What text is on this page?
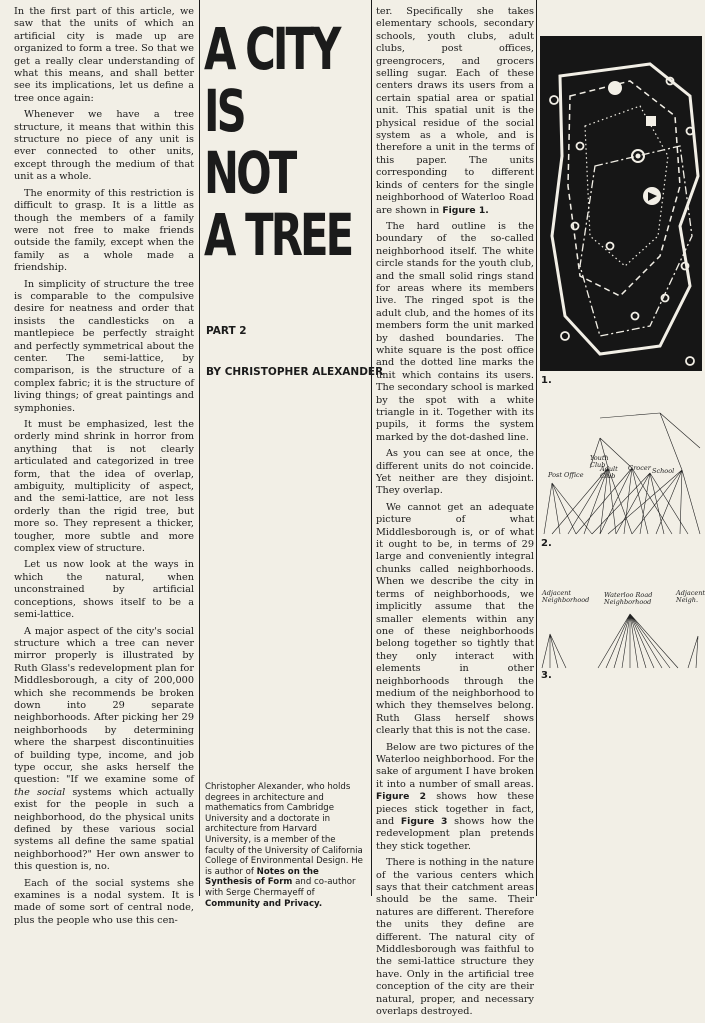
In the first part of this article, we saw that the units of which an artificial city is made up are organized to form a tree. So that we get a really clear understanding of what this means, and shall better see its implications, let us define a tree once again:

Whenever we have a tree structure, it means that within this structure no piece of any unit is ever connected to other units, except through the medium of that unit as a whole.

The enormity of this restriction is difficult to grasp. It is a little as though the members of a family were not free to make friends outside the family, except when the family as a whole made a friendship.

In simplicity of structure the tree is comparable to the compulsive desire for neatness and order that insists the candlesticks on a mantlepiece be perfectly straight and perfectly symmetrical about the center. The semi-lattice, by comparison, is the structure of a complex fabric; it is the structure of living things; of great paintings and symphonies.

It must be emphasized, lest the orderly mind shrink in horror from anything that is not clearly articulated and categorized in tree form, that the idea of overlap, ambiguity, multiplicity of aspect, and the semi-lattice, are not less orderly than the rigid tree, but more so. They represent a thicker, tougher, more subtle and more complex view of structure.

Let us now look at the ways in which the natural, when unconstrained by artificial conceptions, shows itself to be a semi-lattice.

A major aspect of the city's social structure which a tree can never mirror properly is illustrated by Ruth Glass's redevelopment plan for Middlesborough, a city of 200,000 which she recommends be broken down into 29 separate neighborhoods. After picking her 29 neighborhoods by determining where the sharpest discontinuities of building type, income, and job type occur, she asks herself the question: "If we examine some of the social systems which actually exist for the people in such a neighborhood, do the physical units defined by these various social systems all define the same spatial neighborhood?" Her own answer to this question is, no.

Each of the social systems she examines is a nodal system. It is made of some sort of central node, plus the people who use this cen-

A CITY
IS
NOT
A TREE
PART 2
BY CHRISTOPHER ALEXANDER
Christopher Alexander, who holds degrees in architecture and mathematics from Cambridge University and a doctorate in architecture from Harvard University, is a member of the faculty of the University of California College of Environmental Design. He is author of Notes on the Synthesis of Form and co-author with Serge Chermayeff of Community and Privacy.

ter. Specifically she takes elementary schools, secondary schools, youth clubs, adult clubs, post offices, greengrocers, and grocers selling sugar. Each of these centers draws its users from a certain spatial area or spatial unit. This spatial unit is the physical residue of the social system as a whole, and is therefore a unit in the terms of this paper. The units corresponding to different kinds of centers for the single neighborhood of Waterloo Road are shown in Figure 1.

The hard outline is the boundary of the so-called neighborhood itself. The white circle stands for the youth club, and the small solid rings stand for areas where its members live. The ringed spot is the adult club, and the homes of its members form the unit marked by dashed boundaries. The white square is the post office and the dotted line marks the unit which contains its users. The secondary school is marked by the spot with a white triangle in it. Together with its pupils, it forms the system marked by the dot-dashed line.

As you can see at once, the different units do not coincide. Yet neither are they disjoint. They overlap.

We cannot get an adequate picture of what Middlesborough is, or of what it ought to be, in terms of 29 large and conveniently integral chunks called neighborhoods. When we describe the city in terms of neighborhoods, we implicitly assume that the smaller elements within any one of these neighborhoods belong together so tightly that they only interact with elements in other neighborhoods through the medium of the neighborhood to which they themselves belong. Ruth Glass herself shows clearly that this is not the case.

Below are two pictures of the Waterloo neighborhood. For the sake of argument I have broken it into a number of small areas. Figure 2 shows how these pieces stick together in fact, and Figure 3 shows how the redevelopment plan pretends they stick together.

There is nothing in the nature of the various centers which says that their catchment areas should be the same. Their natures are different. Therefore the units they define are different. The natural city of Middlesborough was faithful to the semi-lattice structure they have. Only in the artificial tree conception of the city are their natural, proper, and necessary overlaps destroyed.

1.
Post Office
Youth Club
Adult Club
Grocer School
2.
Adjacent Neighborhood
Waterloo Road Neighborhood
Adjacent Neigh.
3.
